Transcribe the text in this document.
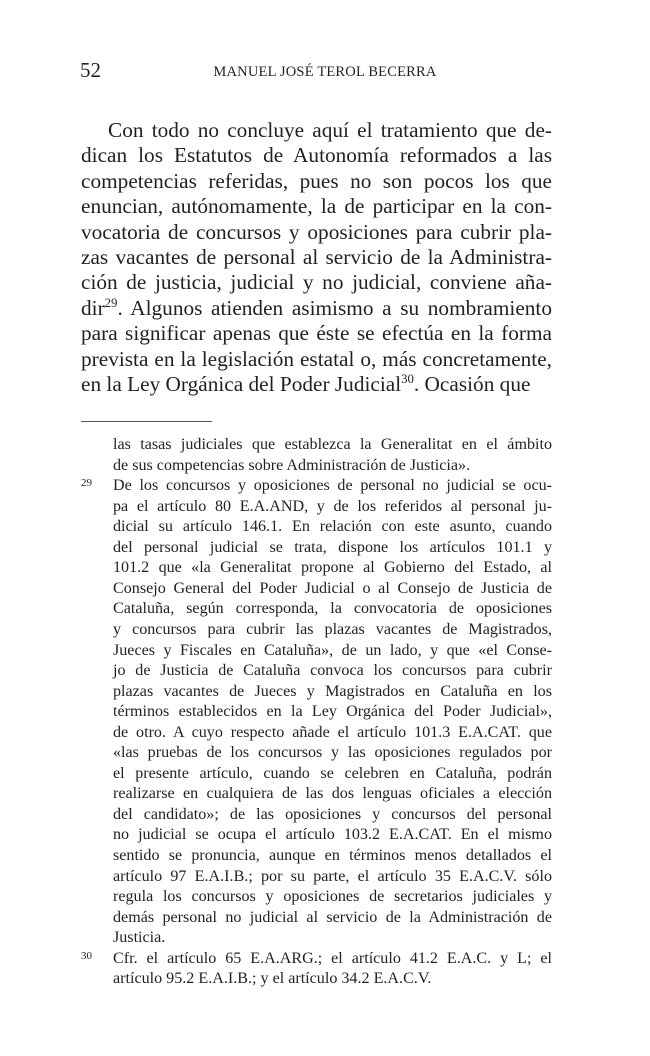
52	MANUEL JOSÉ TEROL BECERRA
Con todo no concluye aquí el tratamiento que de-
dican los Estatutos de Autonomía reformados a las
competencias referidas, pues no son pocos los que
enuncian, autónomamente, la de participar en la con-
vocatoria de concursos y oposiciones para cubrir pla-
zas vacantes de personal al servicio de la Administra-
ción de justicia, judicial y no judicial, conviene aña-
dir$^{29}$. Algunos atienden asimismo a su nombramiento
para significar apenas que éste se efectúa en la forma
prevista en la legislación estatal o, más concretamente,
en la Ley Orgánica del Poder Judicial$^{30}$. Ocasión que
las tasas judiciales que establezca la Generalitat en el ámbito
de sus competencias sobre Administración de Justicia».
29 De los concursos y oposiciones de personal no judicial se ocu-
pa el artículo 80 E.A.AND, y de los referidos al personal ju-
dicial su artículo 146.1. En relación con este asunto, cuando
del personal judicial se trata, dispone los artículos 101.1 y
101.2 que «la Generalitat propone al Gobierno del Estado, al
Consejo General del Poder Judicial o al Consejo de Justicia de
Cataluña, según corresponda, la convocatoria de oposiciones
y concursos para cubrir las plazas vacantes de Magistrados,
Jueces y Fiscales en Cataluña», de un lado, y que «el Conse-
jo de Justicia de Cataluña convoca los concursos para cubrir
plazas vacantes de Jueces y Magistrados en Cataluña en los
términos establecidos en la Ley Orgánica del Poder Judicial»,
de otro. A cuyo respecto añade el artículo 101.3 E.A.CAT. que
«las pruebas de los concursos y las oposiciones regulados por
el presente artículo, cuando se celebren en Cataluña, podrán
realizarse en cualquiera de las dos lenguas oficiales a elección
del candidato»; de las oposiciones y concursos del personal
no judicial se ocupa el artículo 103.2 E.A.CAT. En el mismo
sentido se pronuncia, aunque en términos menos detallados el
artículo 97 E.A.I.B.; por su parte, el artículo 35 E.A.C.V. sólo
regula los concursos y oposiciones de secretarios judiciales y
demás personal no judicial al servicio de la Administración de
Justicia.
30 Cfr. el artículo 65 E.A.ARG.; el artículo 41.2 E.A.C. y L; el
artículo 95.2 E.A.I.B.; y el artículo 34.2 E.A.C.V.
